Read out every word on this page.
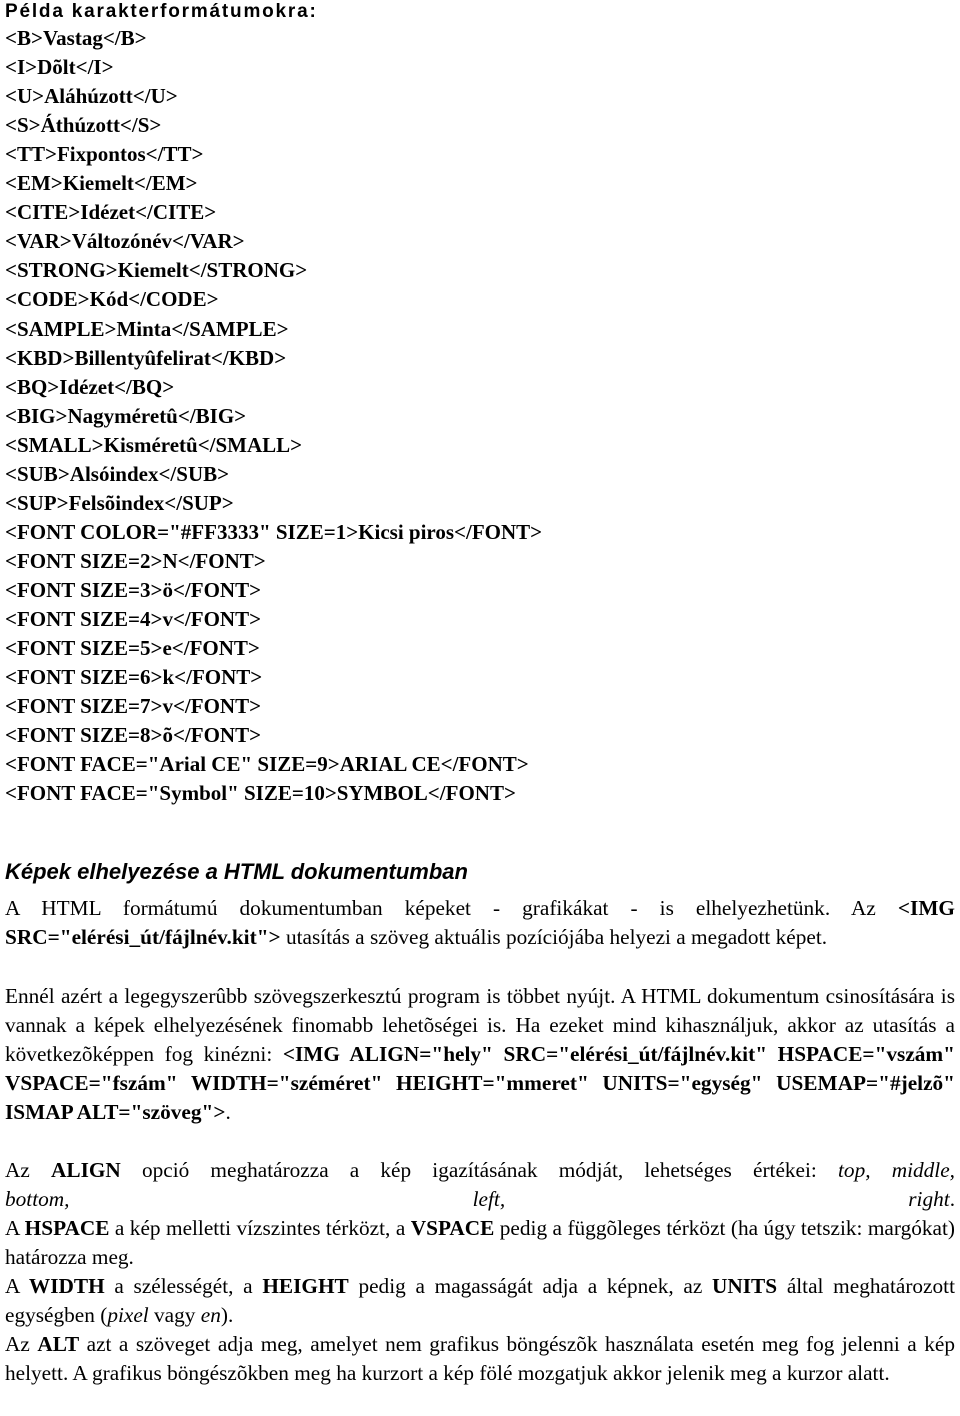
Példa karakterformátumokra:
<B>Vastag</B>
<I>Dõlt</I>
<U>Aláhúzott</U>
<S>Áthúzott</S>
<TT>Fixpontos</TT>
<EM>Kiemelt</EM>
<CITE>Idézet</CITE>
<VAR>Változónév</VAR>
<STRONG>Kiemelt</STRONG>
<CODE>Kód</CODE>
<SAMPLE>Minta</SAMPLE>
<KBD>Billentyûfelirat</KBD>
<BQ>Idézet</BQ>
<BIG>Nagyméretû</BIG>
<SMALL>Kisméretû</SMALL>
<SUB>Alsóindex</SUB>
<SUP>Felsõindex</SUP>
<FONT COLOR="#FF3333" SIZE=1>Kicsi piros</FONT>
<FONT SIZE=2>N</FONT>
<FONT SIZE=3>ö</FONT>
<FONT SIZE=4>v</FONT>
<FONT SIZE=5>e</FONT>
<FONT SIZE=6>k</FONT>
<FONT SIZE=7>v</FONT>
<FONT SIZE=8>õ</FONT>
<FONT FACE="Arial CE" SIZE=9>ARIAL CE</FONT>
<FONT FACE="Symbol" SIZE=10>SYMBOL</FONT>
Képek elhelyezése a HTML dokumentumban
A HTML formátumú dokumentumban képeket - grafikákat - is elhelyezhetünk. Az <IMG SRC="elérési_út/fájlnév.kit"> utasítás a szöveg aktuális pozíciójába helyezi a megadott képet.
Ennél azért a legegyszerûbb szövegszerkesztú program is többet nyújt. A HTML dokumentum csinosítására is vannak a képek elhelyezésének finomabb lehetõségei is. Ha ezeket mind kihasználjuk, akkor az utasítás a következõképpen fog kinézni: <IMG ALIGN="hely" SRC="elérési_út/fájlnév.kit" HSPACE="vszám" VSPACE="fszám" WIDTH="széméret" HEIGHT="mmeret" UNITS="egység" USEMAP="#jelzõ" ISMAP ALT="szöveg">.
Az ALIGN opció meghatározza a kép igazításának módját, lehetséges értékei: top, middle,
bottom,	left,	right.
A HSPACE a kép melletti vízszintes térközt, a VSPACE pedig a függõleges térközt (ha úgy tetszik: margókat) határozza meg.
A WIDTH a szélességét, a HEIGHT pedig a magasságát adja a képnek, az UNITS által meghatározott egységben (pixel vagy en).
Az ALT azt a szöveget adja meg, amelyet nem grafikus böngészõk használata esetén meg fog jelenni a kép helyett. A grafikus böngészõkben meg ha kurzort a kép fölé mozgatjuk akkor jelenik meg a kurzor alatt.
